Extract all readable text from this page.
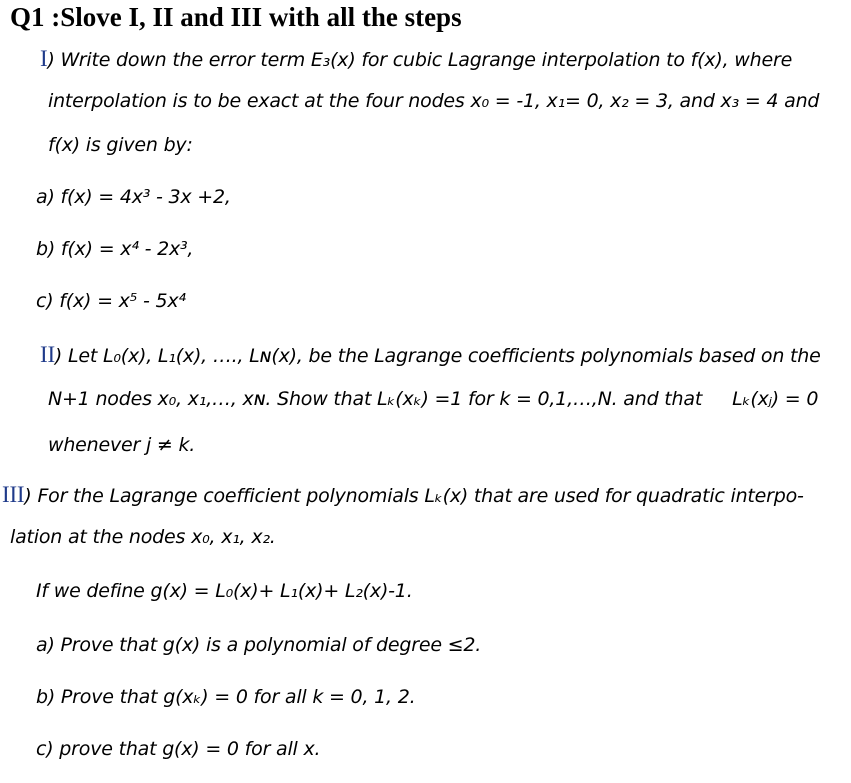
Q1 :Slove I, II and III with all the steps
I) Write down the error term E₃(x) for cubic Lagrange interpolation to f(x), where
interpolation is to be exact at the four nodes x₀ = -1, x₁= 0, x₂ = 3, and x₃ = 4 and
f(x) is given by:
a) f(x) = 4x³ - 3x +2,
b) f(x) = x⁴ - 2x³,
c) f(x) = x⁵ - 5x⁴
II) Let L₀(x), L₁(x), …., Lɴ(x), be the Lagrange coefficients polynomials based on the
N+1 nodes x₀, x₁,…, xɴ. Show that Lₖ(xₖ) =1 for k = 0,1,…,N. and that Lₖ(xⱼ) = 0
whenever j ≠ k.
III) For the Lagrange coefficient polynomials Lₖ(x) that are used for quadratic interpo-
lation at the nodes x₀, x₁, x₂.
If we define g(x) = L₀(x)+ L₁(x)+ L₂(x)-1.
a) Prove that g(x) is a polynomial of degree ≤2.
b) Prove that g(xₖ) = 0 for all k = 0, 1, 2.
c) prove that g(x) = 0 for all x.
